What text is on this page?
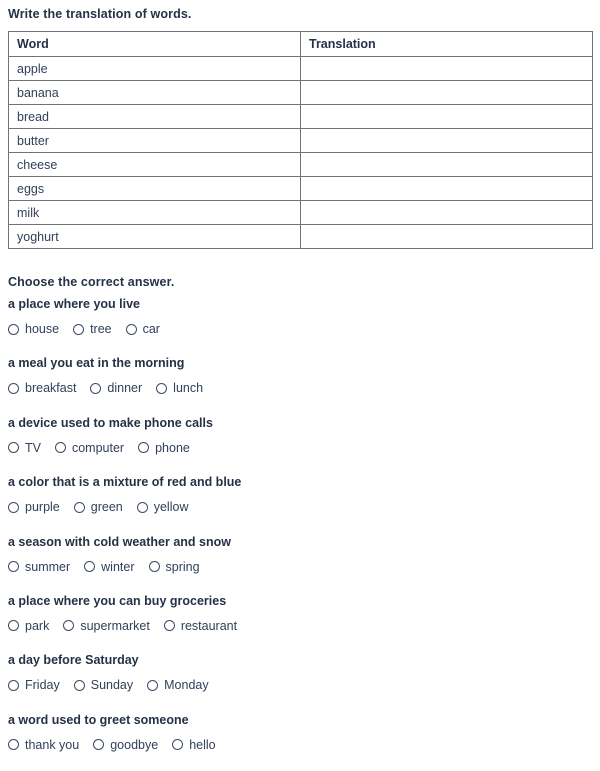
Write the translation of words.
Word	Translation
apple	
banana	
bread	
butter	
cheese	
eggs	
milk	
yoghurt	
Choose the correct answer.
a place where you live
house tree car
a meal you eat in the morning
breakfast dinner lunch
a device used to make phone calls
TV computer phone
a color that is a mixture of red and blue
purple green yellow
a season with cold weather and snow
summer winter spring
a place where you can buy groceries
park supermarket restaurant
a day before Saturday
Friday Sunday Monday
a word used to greet someone
thank you goodbye hello
